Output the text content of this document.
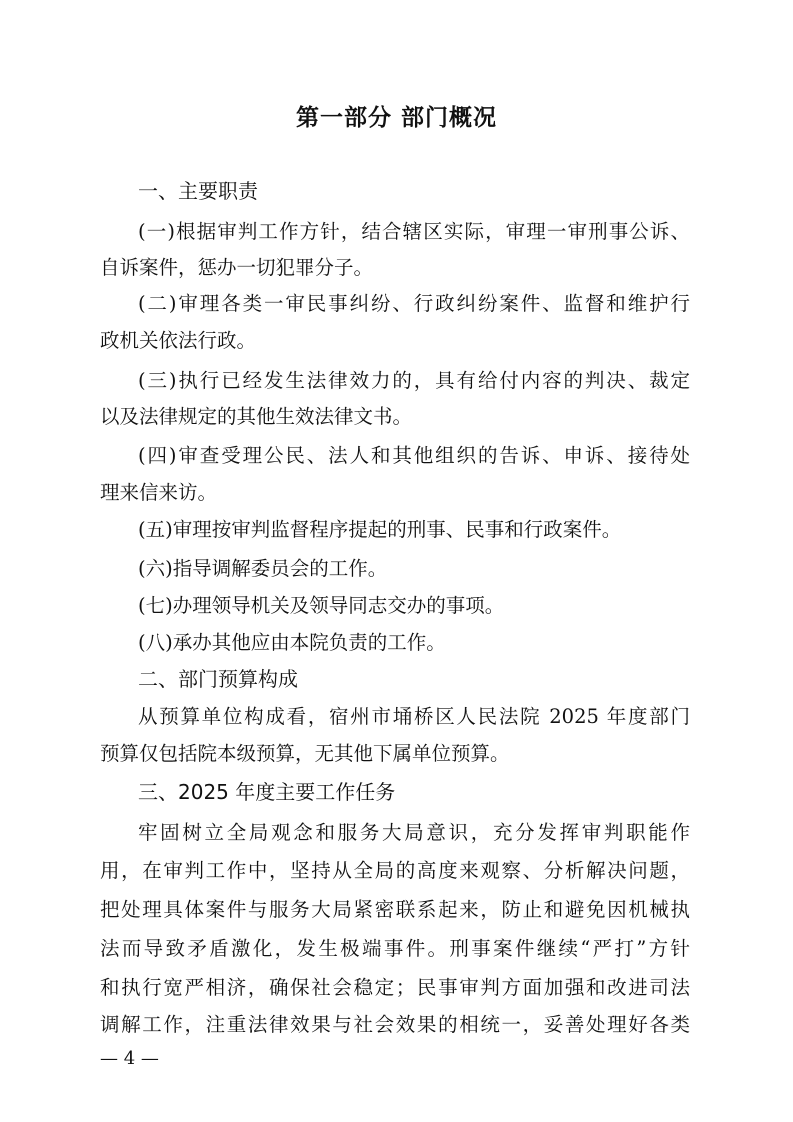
第一部分 部门概况
一、主要职责
(一)根据审判工作方针，结合辖区实际，审理一审刑事公诉、
自诉案件，惩办一切犯罪分子。
(二)审理各类一审民事纠纷、行政纠纷案件、监督和维护行
政机关依法行政。
(三)执行已经发生法律效力的，具有给付内容的判决、裁定
以及法律规定的其他生效法律文书。
(四)审查受理公民、法人和其他组织的告诉、申诉、接待处
理来信来访。
(五)审理按审判监督程序提起的刑事、民事和行政案件。
(六)指导调解委员会的工作。
(七)办理领导机关及领导同志交办的事项。
(八)承办其他应由本院负责的工作。
二、部门预算构成
从预算单位构成看，宿州市埇桥区人民法院 2025 年度部门
预算仅包括院本级预算，无其他下属单位预算。
三、2025 年度主要工作任务
牢固树立全局观念和服务大局意识，充分发挥审判职能作
用，在审判工作中，坚持从全局的高度来观察、分析解决问题，
把处理具体案件与服务大局紧密联系起来，防止和避免因机械执
法而导致矛盾激化，发生极端事件。刑事案件继续“严打”方针
和执行宽严相济，确保社会稳定；民事审判方面加强和改进司法
调解工作，注重法律效果与社会效果的相统一，妥善处理好各类
— 4 —
